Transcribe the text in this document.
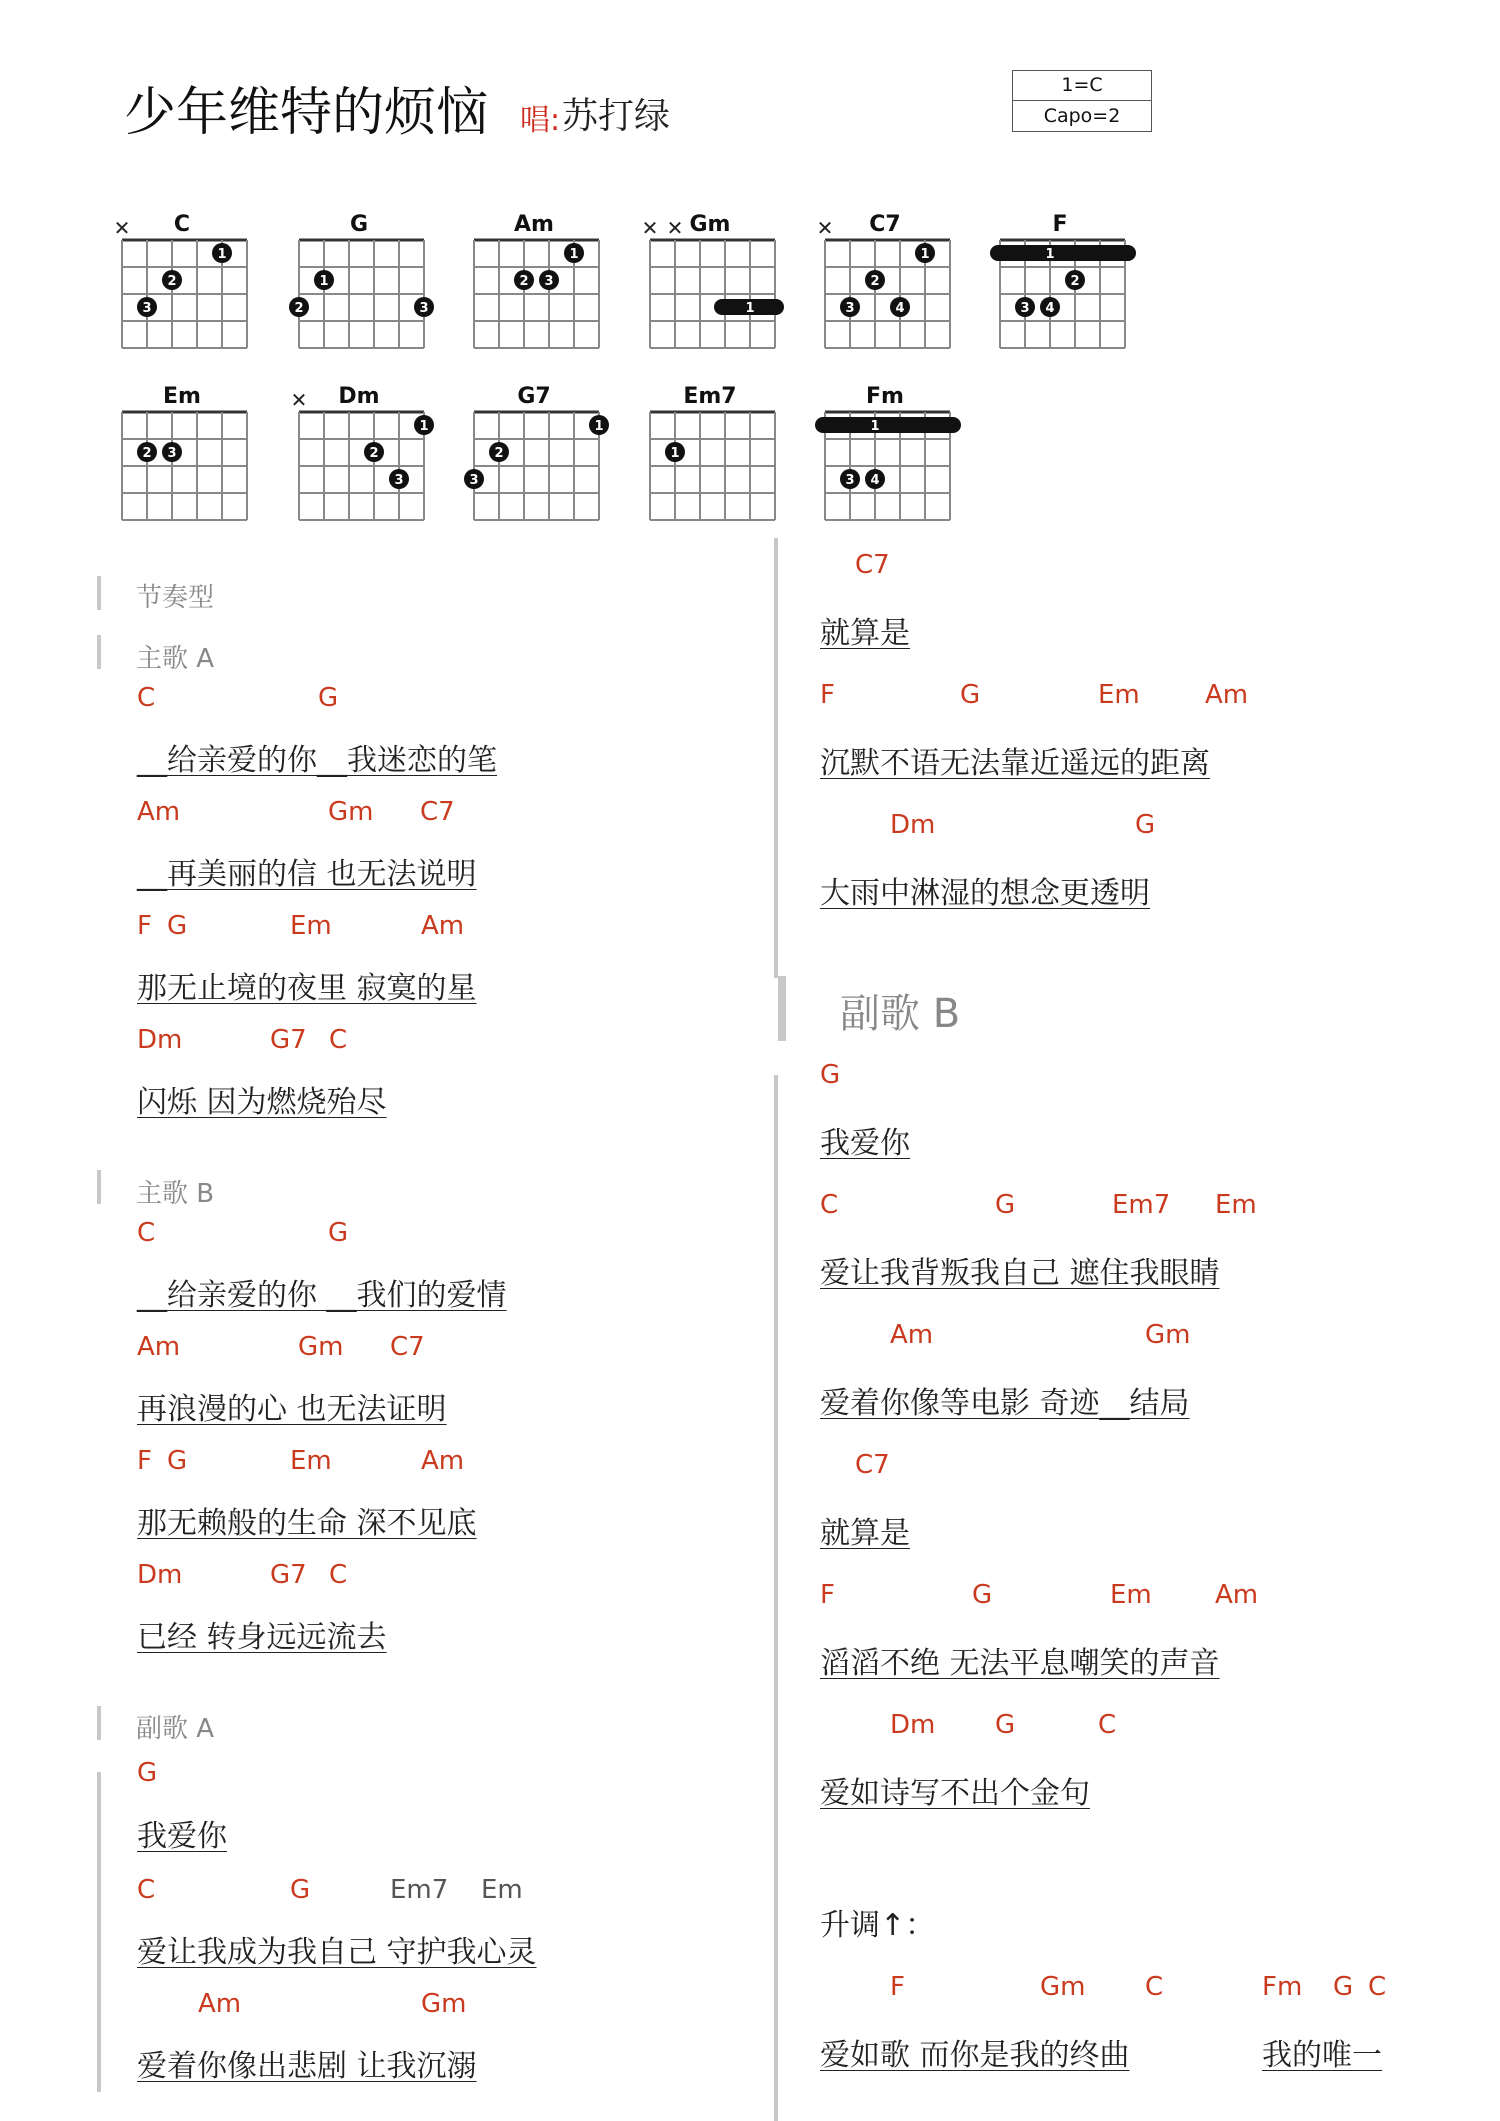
少年维特的烦恼 唱: 苏打绿
1=C
Capo=2
C
✕
1
2
3
G
1
2	3
Am
1
2 3
Gm
✕ ✕
1
C7
✕
1
2
3	4
F
1
2
3 4
Em
2 3
Dm
✕
1
2
3
G7
1
2
3
Em7
1
Fm
1
3 4
节奏型
主歌 A
C	G
__给亲爱的你__我迷恋的笔
Am	Gm C7
__再美丽的信 也无法说明
F G	Em	Am
那无止境的夜里 寂寞的星
Dm	G7 C
闪烁 因为燃烧殆尽
主歌 B
C	G
__给亲爱的你 __我们的爱情
Am	Gm C7
再浪漫的心 也无法证明
F G	Em	Am
那无赖般的生命 深不见底
Dm	G7 C
已经 转身远远流去
副歌 A
G
我爱你
C	G	Em7 Em
爱让我成为我自己 守护我心灵
Am	Gm
爱着你像出悲剧 让我沉溺
C7
就算是
F	G	Em	Am
沉默不语无法靠近遥远的距离
Dm	G
大雨中淋湿的想念更透明
副歌 B
G
我爱你
C	G	Em7 Em
爱让我背叛我自己 遮住我眼睛
Am	Gm
爱着你像等电影 奇迹__结局
C7
就算是
F	G	Em Am
滔滔不绝 无法平息嘲笑的声音
Dm G	C
爱如诗写不出个金句
升调↑：
F	Gm C	Fm G C
爱如歌 而你是我的终曲	我的唯一
